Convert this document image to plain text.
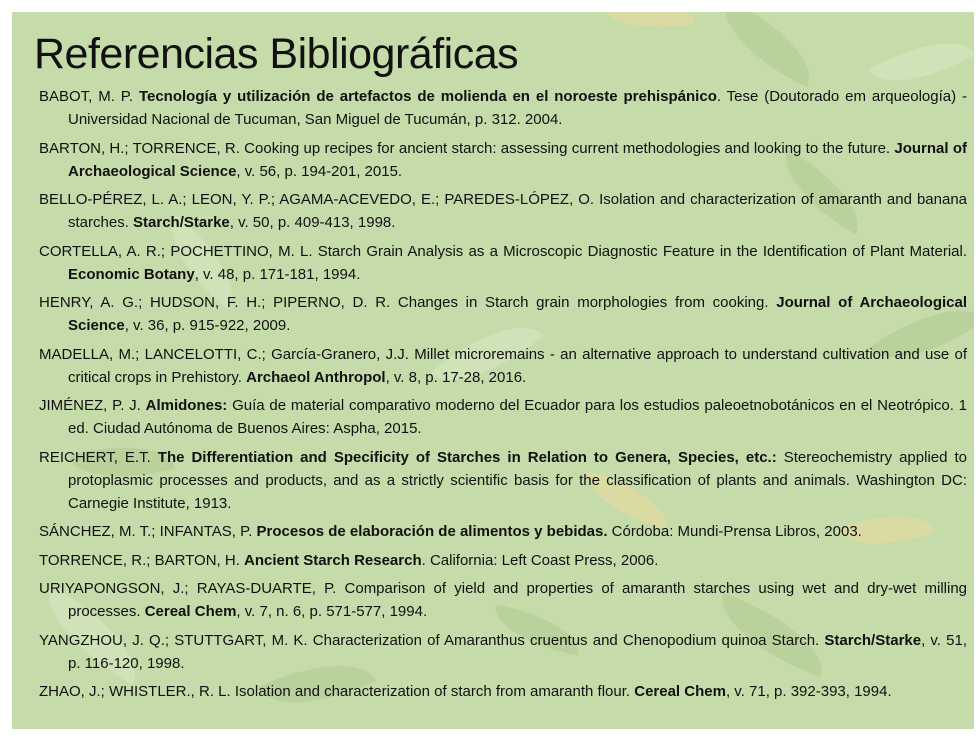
Referencias Bibliográficas
BABOT, M. P. Tecnología y utilización de artefactos de molienda en el noroeste prehispánico. Tese (Doutorado em arqueología) - Universidad Nacional de Tucuman, San Miguel de Tucumán, p. 312. 2004.
BARTON, H.; TORRENCE, R. Cooking up recipes for ancient starch: assessing current methodologies and looking to the future. Journal of Archaeological Science, v. 56, p. 194-201, 2015.
BELLO-PÉREZ, L. A.; LEON, Y. P.; AGAMA-ACEVEDO, E.; PAREDES-LÓPEZ, O. Isolation and characterization of amaranth and banana starches. Starch/Starke, v. 50, p. 409-413, 1998.
CORTELLA, A. R.; POCHETTINO, M. L. Starch Grain Analysis as a Microscopic Diagnostic Feature in the Identification of Plant Material. Economic Botany, v. 48, p. 171-181, 1994.
HENRY, A. G.; HUDSON, F. H.; PIPERNO, D. R. Changes in Starch grain morphologies from cooking. Journal of Archaeological Science, v. 36, p. 915-922, 2009.
MADELLA, M.; LANCELOTTI, C.; García-Granero, J.J. Millet microremains - an alternative approach to understand cultivation and use of critical crops in Prehistory. Archaeol Anthropol, v. 8, p. 17-28, 2016.
JIMÉNEZ, P. J. Almidones: Guía de material comparativo moderno del Ecuador para los estudios paleoetnobotánicos en el Neotrópico. 1 ed. Ciudad Autónoma de Buenos Aires: Aspha, 2015.
REICHERT, E.T. The Differentiation and Specificity of Starches in Relation to Genera, Species, etc.: Stereochemistry applied to protoplasmic processes and products, and as a strictly scientific basis for the classification of plants and animals. Washington DC: Carnegie Institute, 1913.
SÁNCHEZ, M. T.; INFANTAS, P. Procesos de elaboración de alimentos y bebidas. Córdoba: Mundi-Prensa Libros, 2003.
TORRENCE, R.; BARTON, H. Ancient Starch Research. California: Left Coast Press, 2006.
URIYAPONGSON, J.; RAYAS-DUARTE, P. Comparison of yield and properties of amaranth starches using wet and dry-wet milling processes. Cereal Chem, v. 7, n. 6, p. 571-577, 1994.
YANGZHOU, J. Q.; STUTTGART, M. K. Characterization of Amaranthus cruentus and Chenopodium quinoa Starch. Starch/Starke, v. 51, p. 116-120, 1998.
ZHAO, J.; WHISTLER., R. L. Isolation and characterization of starch from amaranth flour. Cereal Chem, v. 71, p. 392-393, 1994.
